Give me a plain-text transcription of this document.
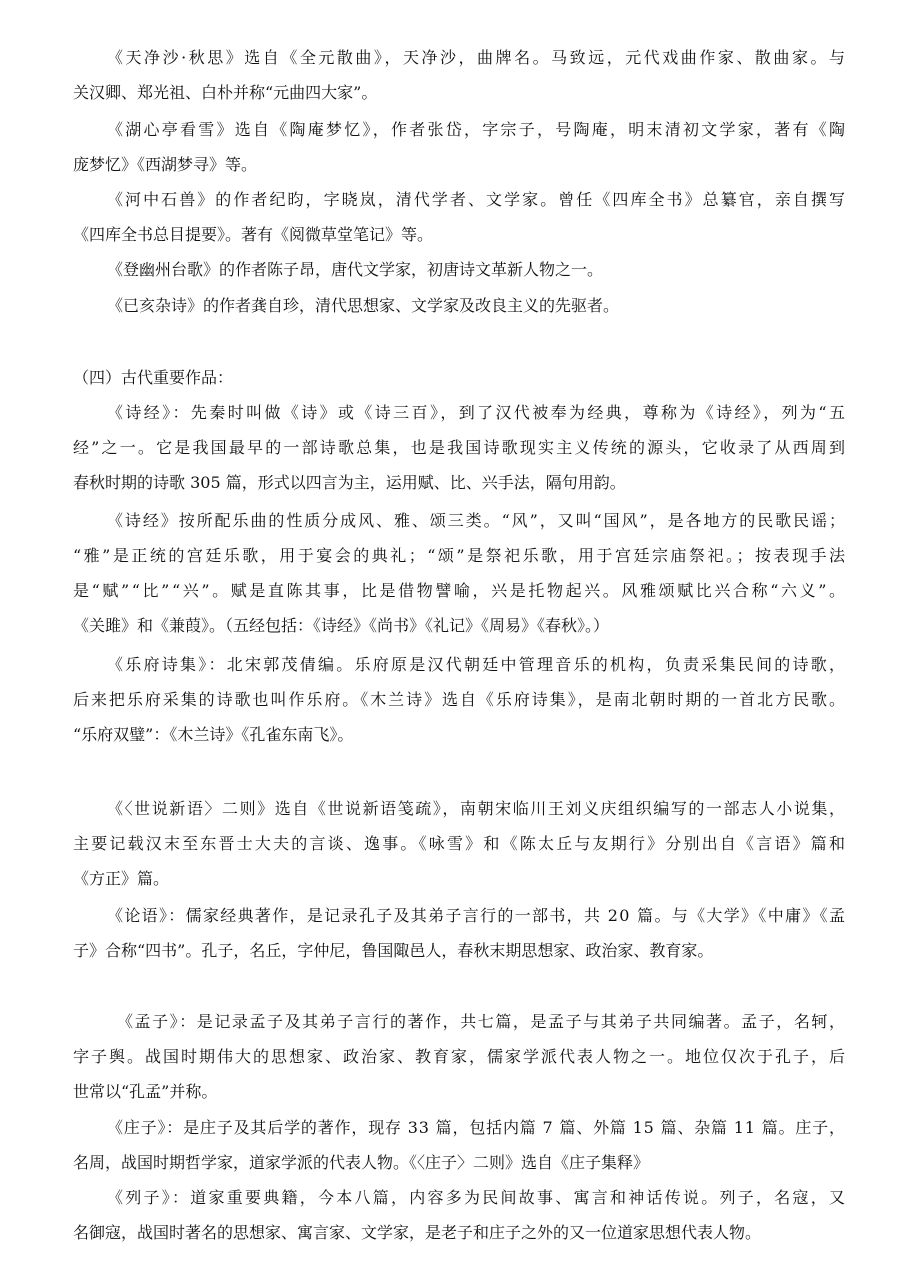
《天净沙·秋思》选自《全元散曲》，天净沙，曲牌名。马致远，元代戏曲作家、散曲家。与
关汉卿、郑光祖、白朴并称“元曲四大家”。
《湖心亭看雪》选自《陶庵梦忆》，作者张岱，字宗子，号陶庵，明末清初文学家，著有《陶
庞梦忆》《西湖梦寻》等。
《河中石兽》的作者纪昀，字晓岚，清代学者、文学家。曾任《四库全书》总纂官，亲自撰写
《四库全书总目提要》。著有《阅微草堂笔记》等。
《登幽州台歌》的作者陈子昂，唐代文学家，初唐诗文革新人物之一。
《已亥杂诗》的作者龚自珍，清代思想家、文学家及改良主义的先驱者。
（四）古代重要作品：
《诗经》：先秦时叫做《诗》或《诗三百》，到了汉代被奉为经典，尊称为《诗经》，列为“五
经”之一。它是我国最早的一部诗歌总集，也是我国诗歌现实主义传统的源头，它收录了从西周到
春秋时期的诗歌 305 篇，形式以四言为主，运用赋、比、兴手法，隔句用韵。
《诗经》按所配乐曲的性质分成风、雅、颂三类。“风”，又叫“国风”，是各地方的民歌民谣；
“雅”是正统的宫廷乐歌，用于宴会的典礼；“颂”是祭祀乐歌，用于宫廷宗庙祭祀。；按表现手法
是“赋”“比”“兴”。赋是直陈其事，比是借物譬喻，兴是托物起兴。风雅颂赋比兴合称“六义”。
《关雎》和《兼葭》。（五经包括：《诗经》《尚书》《礼记》《周易》《春秋》。）
《乐府诗集》：北宋郭茂倩编。乐府原是汉代朝廷中管理音乐的机构，负责采集民间的诗歌，
后来把乐府采集的诗歌也叫作乐府。《木兰诗》选自《乐府诗集》，是南北朝时期的一首北方民歌。
“乐府双璧”：《木兰诗》《孔雀东南飞》。
《〈世说新语〉二则》选自《世说新语笺疏》，南朝宋临川王刘义庆组织编写的一部志人小说集，
主要记载汉末至东晋士大夫的言谈、逸事。《咏雪》和《陈太丘与友期行》分别出自《言语》篇和
《方正》篇。
《论语》：儒家经典著作，是记录孔子及其弟子言行的一部书，共 20 篇。与《大学》《中庸》《孟
子》合称“四书”。孔子，名丘，字仲尼，鲁国陬邑人，春秋末期思想家、政治家、教育家。
《孟子》：是记录孟子及其弟子言行的著作，共七篇，是孟子与其弟子共同编著。孟子，名轲，
字子舆。战国时期伟大的思想家、政治家、教育家，儒家学派代表人物之一。地位仅次于孔子，后
世常以“孔孟”并称。
《庄子》：是庄子及其后学的著作，现存 33 篇，包括内篇 7 篇、外篇 15 篇、杂篇 11 篇。庄子，
名周，战国时期哲学家，道家学派的代表人物。《〈庄子〉二则》选自《庄子集释》
《列子》：道家重要典籍，今本八篇，内容多为民间故事、寓言和神话传说。列子，名寇，又
名御寇，战国时著名的思想家、寓言家、文学家，是老子和庄子之外的又一位道家思想代表人物。
